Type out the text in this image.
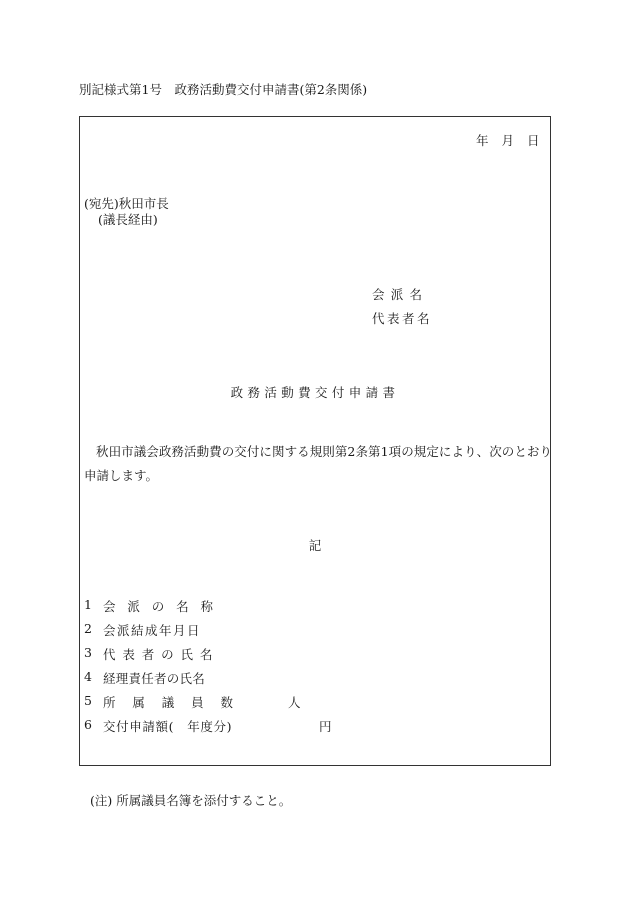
別記様式第1号　政務活動費交付申請書(第2条関係)
年 月 日
(宛先)秋田市長
(議長経由)
会派名
代表者名
政務活動費交付申請書
秋田市議会政務活動費の交付に関する規則第2条第1項の規定により、次のとおり申請します。
記
1 会派の名称
2 会派結成年月日
3 代表者の氏名
4 経理責任者の氏名
5 所属議員数	人
6 交付申請額(　年度分)	円
(注) 所属議員名簿を添付すること。
